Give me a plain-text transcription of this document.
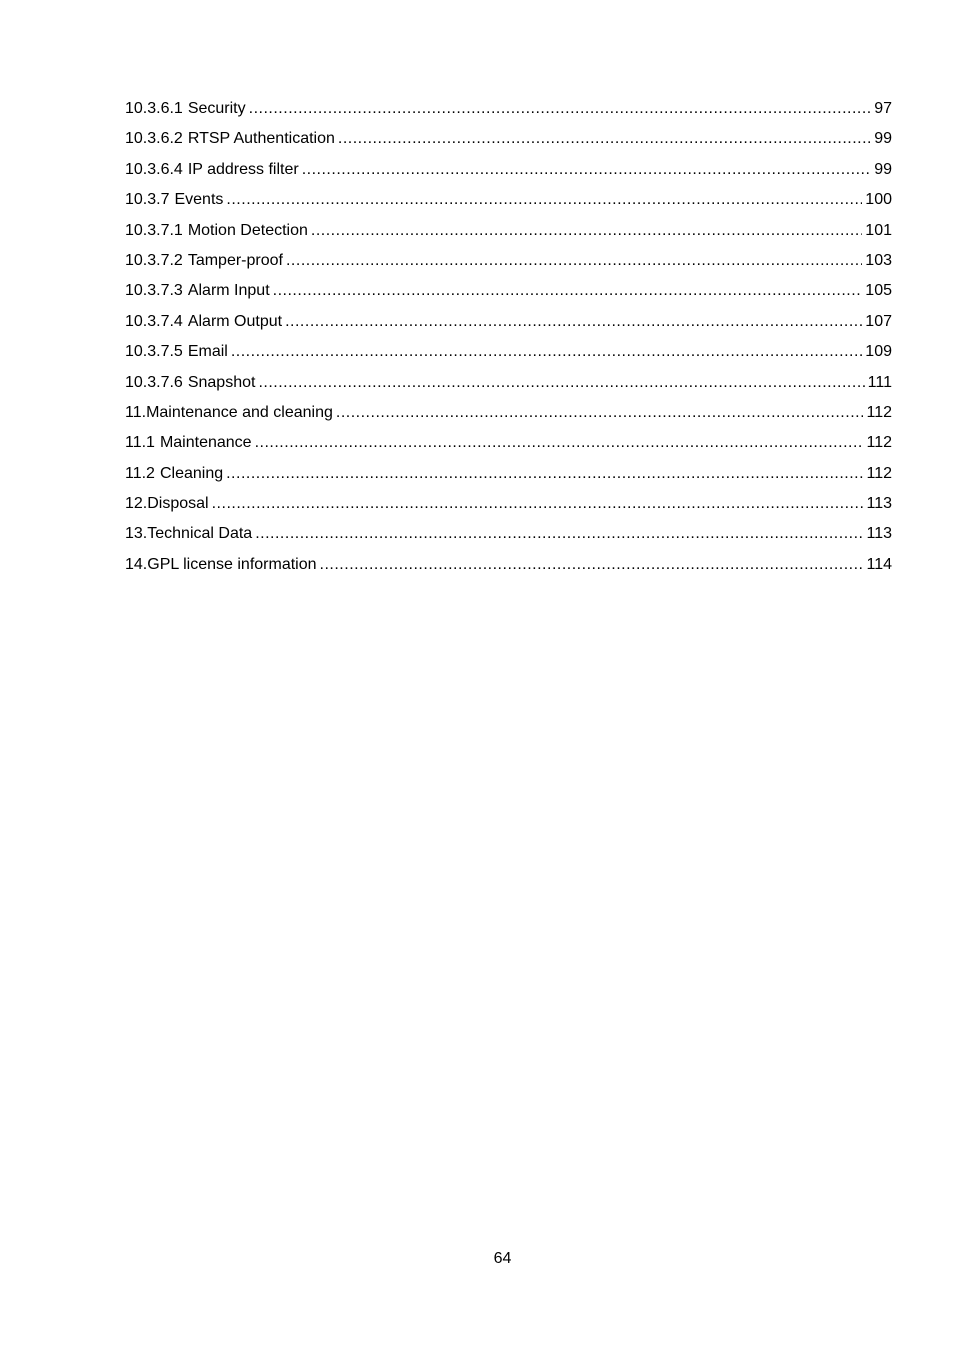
10.3.6.1 Security .....	97
10.3.6.2 RTSP Authentication .....	99
10.3.6.4 IP address filter .....	99
10.3.7 Events .....	100
10.3.7.1 Motion Detection .....	101
10.3.7.2 Tamper-proof .....	103
10.3.7.3 Alarm Input .....	105
10.3.7.4 Alarm Output .....	107
10.3.7.5 Email .....	109
10.3.7.6 Snapshot .....	111
11. Maintenance and cleaning .....	112
11.1 Maintenance .....	112
11.2 Cleaning .....	112
12. Disposal .....	113
13. Technical Data .....	113
14. GPL license information .....	114
64
